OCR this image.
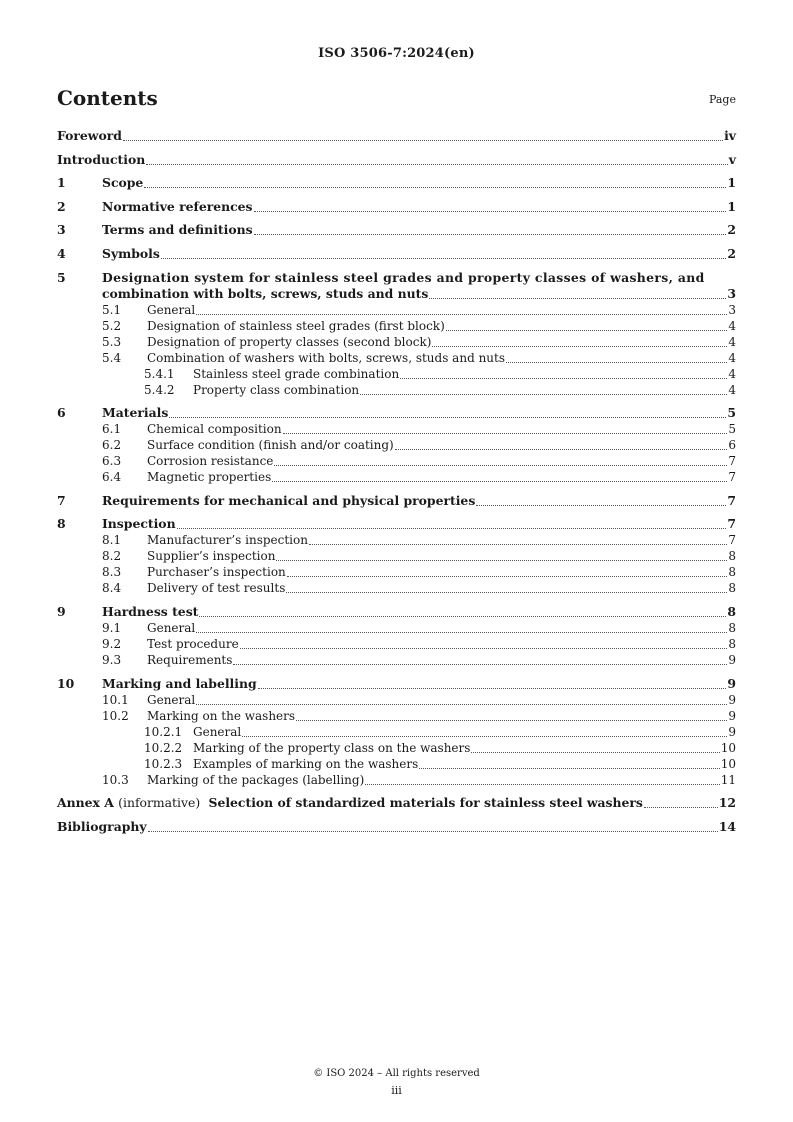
ISO 3506-7:2024(en)
Contents	Page
Foreword	iv
Introduction	v
1	Scope	1
2	Normative references	1
3	Terms and definitions	2
4	Symbols	2
5	Designation system for stainless steel grades and property classes of washers, and
combination with bolts, screws, studs and nuts	3
5.1	General	3
5.2	Designation of stainless steel grades (first block)	4
5.3	Designation of property classes (second block)	4
5.4	Combination of washers with bolts, screws, studs and nuts	4
5.4.1	Stainless steel grade combination	4
5.4.2	Property class combination	4
6	Materials	5
6.1	Chemical composition	5
6.2	Surface condition (finish and/or coating)	6
6.3	Corrosion resistance	7
6.4	Magnetic properties	7
7	Requirements for mechanical and physical properties	7
8	Inspection	7
8.1	Manufacturer’s inspection	7
8.2	Supplier’s inspection	8
8.3	Purchaser’s inspection	8
8.4	Delivery of test results	8
9	Hardness test	8
9.1	General	8
9.2	Test procedure	8
9.3	Requirements	9
10	Marking and labelling	9
10.1	General	9
10.2	Marking on the washers	9
10.2.1 General	9
10.2.2 Marking of the property class on the washers	10
10.2.3 Examples of marking on the washers	10
10.3	Marking of the packages (labelling)	11
Annex A (informative) Selection of standardized materials for stainless steel washers	12
Bibliography	14
© ISO 2024 – All rights reserved
iii
